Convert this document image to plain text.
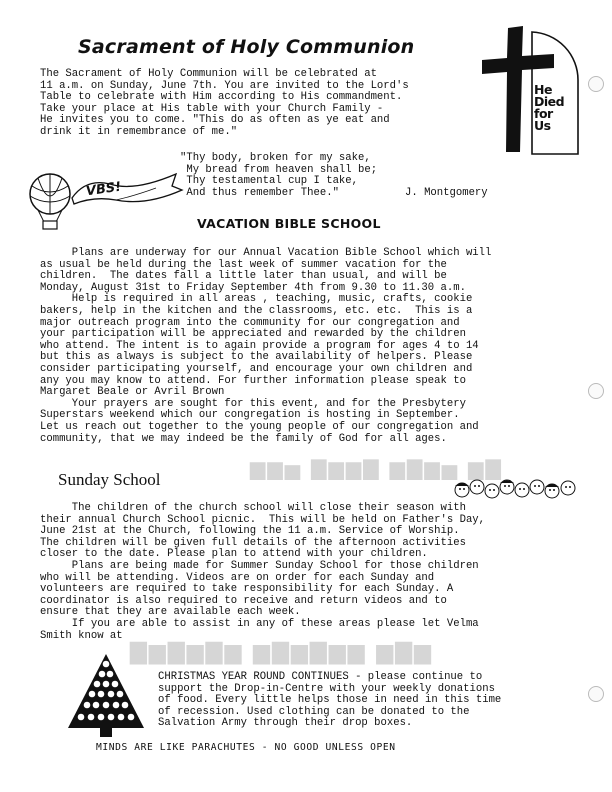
▆▆▅ ▇▆▆▇ ▆▇▆▅ ▆▇
▇▆▇▆▇▆ ▆▇▆▇▆▆ ▆▇▆
Sacrament of Holy Communion
The Sacrament of Holy Communion will be celebrated at
11 a.m. on Sunday, June 7th. You are invited to the Lord's
Table to celebrate with Him according to His commandment.
Take your place at His table with your Church Family -
He invites you to come. "This do as often as ye eat and
drink it in remembrance of me."
He
Died
for
Us
"Thy body, broken for my sake,
My bread from heaven shall be;
Thy testamental cup I take,
And thus remember Thee."	J. Montgomery
VBS!
VACATION BIBLE SCHOOL
Plans are underway for our Annual Vacation Bible School which will
as usual be held during the last week of summer vacation for the
children.  The dates fall a little later than usual, and will be
Monday, August 31st to Friday September 4th from 9.30 to 11.30 a.m.
Help is required in all areas , teaching, music, crafts, cookie
bakers, help in the kitchen and the classrooms, etc. etc.  This is a
major outreach program into the community for our congregation and
your participation will be appreciated and rewarded by the children
who attend. The intent is to again provide a program for ages 4 to 14
but this as always is subject to the availability of helpers. Please
consider participating yourself, and encourage your own children and
any you may know to attend. For further information please speak to
Margaret Beale or Avril Brown
Your prayers are sought for this event, and for the Presbytery
Superstars weekend which our congregation is hosting in September.
Let us reach out together to the young people of our congregation and
community, that we may indeed be the family of God for all ages.
Sunday School
The children of the church school will close their season with
their annual Church School picnic.  This will be held on Father's Day,
June 21st at the Church, following the 11 a.m. Service of Worship.
The children will be given full details of the afternoon activities
closer to the date. Please plan to attend with your children.
Plans are being made for Summer Sunday School for those children
who will be attending. Videos are on order for each Sunday and
volunteers are required to take responsibility for each Sunday. A
coordinator is also required to receive and return videos and to
ensure that they are available each week.
If you are able to assist in any of these areas please let Velma
Smith know at
CHRISTMAS YEAR ROUND CONTINUES - please continue to
support the Drop-in-Centre with your weekly donations
of food. Every little helps those in need in this time
of recession. Used clothing can be donated to the
Salvation Army through their drop boxes.
MINDS ARE LIKE PARACHUTES - NO GOOD UNLESS OPEN
